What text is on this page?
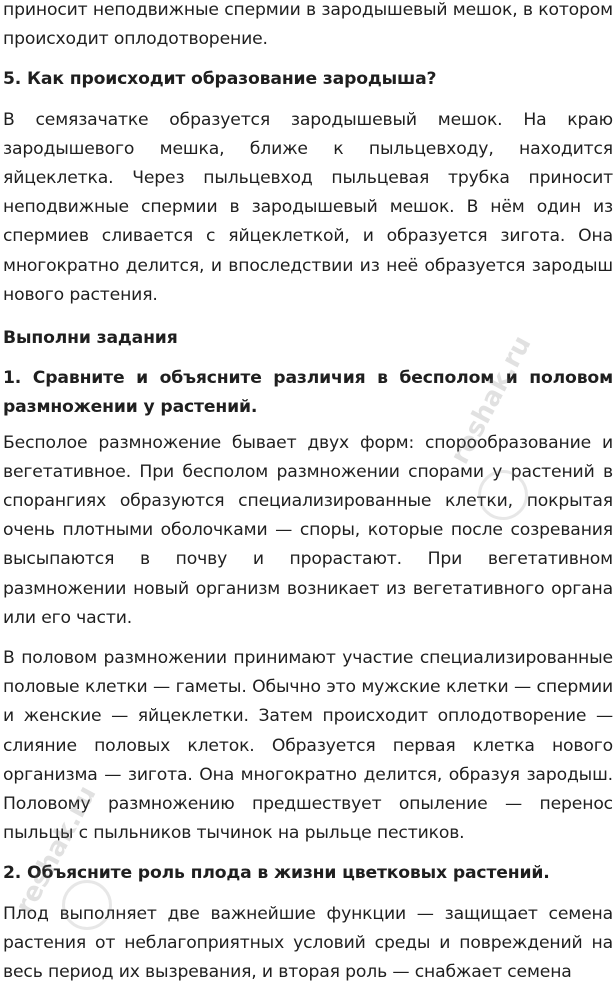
приносит неподвижные спермии в зародышевый мешок, в котором происходит оплодотворение.

5. Как происходит образование зародыша?

В семязачатке образуется зародышевый мешок. На краю зародышевого мешка, ближе к пыльцевходу, находится яйцеклетка. Через пыльцевход пыльцевая трубка приносит неподвижные спермии в зародышевый мешок. В нём один из спермиев сливается с яйцеклеткой, и образуется зигота. Она многократно делится, и впоследствии из неё образуется зародыш нового растения.

Выполни задания

1. Сравните и объясните различия в бесполом и половом размножении у растений.

Бесполое размножение бывает двух форм: спорообразование и вегетативное. При бесполом размножении спорами у растений в спорангиях образуются специализированные клетки, покрытая очень плотными оболочками — споры, которые после созревания высыпаются в почву и прорастают. При вегетативном размножении новый организм возникает из вегетативного органа или его части.

В половом размножении принимают участие специализированные половые клетки — гаметы. Обычно это мужские клетки — спермии и женские — яйцеклетки. Затем происходит оплодотворение — слияние половых клеток. Образуется первая клетка нового организма — зигота. Она многократно делится, образуя зародыш. Половому размножению предшествует опыление — перенос пыльцы с пыльников тычинок на рыльце пестиков.

2. Объясните роль плода в жизни цветковых растений.

Плод выполняет две важнейшие функции — защищает семена растения от неблагоприятных условий среды и повреждений на весь период их вызревания, и вторая роль — снабжает семена

reshak.ru
reshak.ru
